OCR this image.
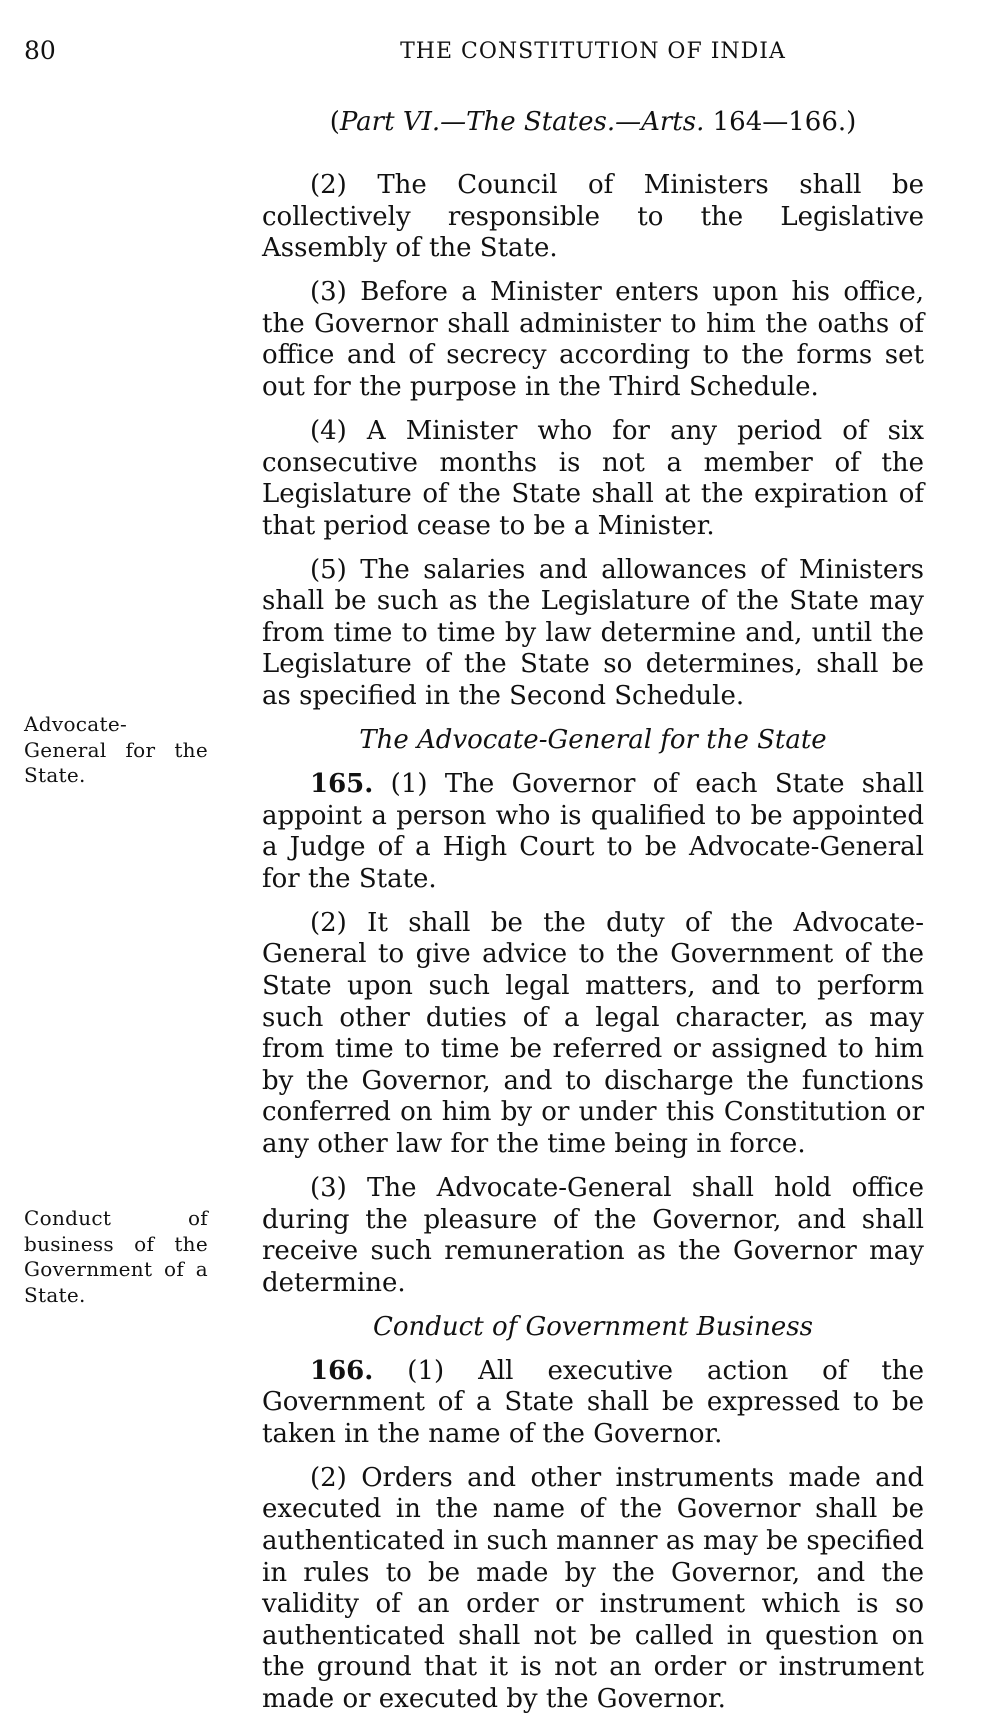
80	THE CONSTITUTION OF INDIA
(Part VI.—The States.—Arts. 164—166.)
Advocate-General for the State.
Conduct of business of the Government of a State.

(2) The Council of Ministers shall be collectively responsible to the Legislative Assembly of the State.

(3) Before a Minister enters upon his office, the Governor shall administer to him the oaths of office and of secrecy according to the forms set out for the purpose in the Third Schedule.

(4) A Minister who for any period of six consecutive months is not a member of the Legislature of the State shall at the expiration of that period cease to be a Minister.

(5) The salaries and allowances of Ministers shall be such as the Legislature of the State may from time to time by law determine and, until the Legislature of the State so determines, shall be as specified in the Second Schedule.

The Advocate-General for the State

165. (1) The Governor of each State shall appoint a person who is qualified to be appointed a Judge of a High Court to be Advocate-General for the State.

(2) It shall be the duty of the Advocate-General to give advice to the Government of the State upon such legal matters, and to perform such other duties of a legal character, as may from time to time be referred or assigned to him by the Governor, and to discharge the functions conferred on him by or under this Constitution or any other law for the time being in force.

(3) The Advocate-General shall hold office during the pleasure of the Governor, and shall receive such remuneration as the Governor may determine.

Conduct of Government Business

166. (1) All executive action of the Government of a State shall be expressed to be taken in the name of the Governor.

(2) Orders and other instruments made and executed in the name of the Governor shall be authenticated in such manner as may be specified in rules to be made by the Governor, and the validity of an order or instrument which is so authenticated shall not be called in question on the ground that it is not an order or instrument made or executed by the Governor.
